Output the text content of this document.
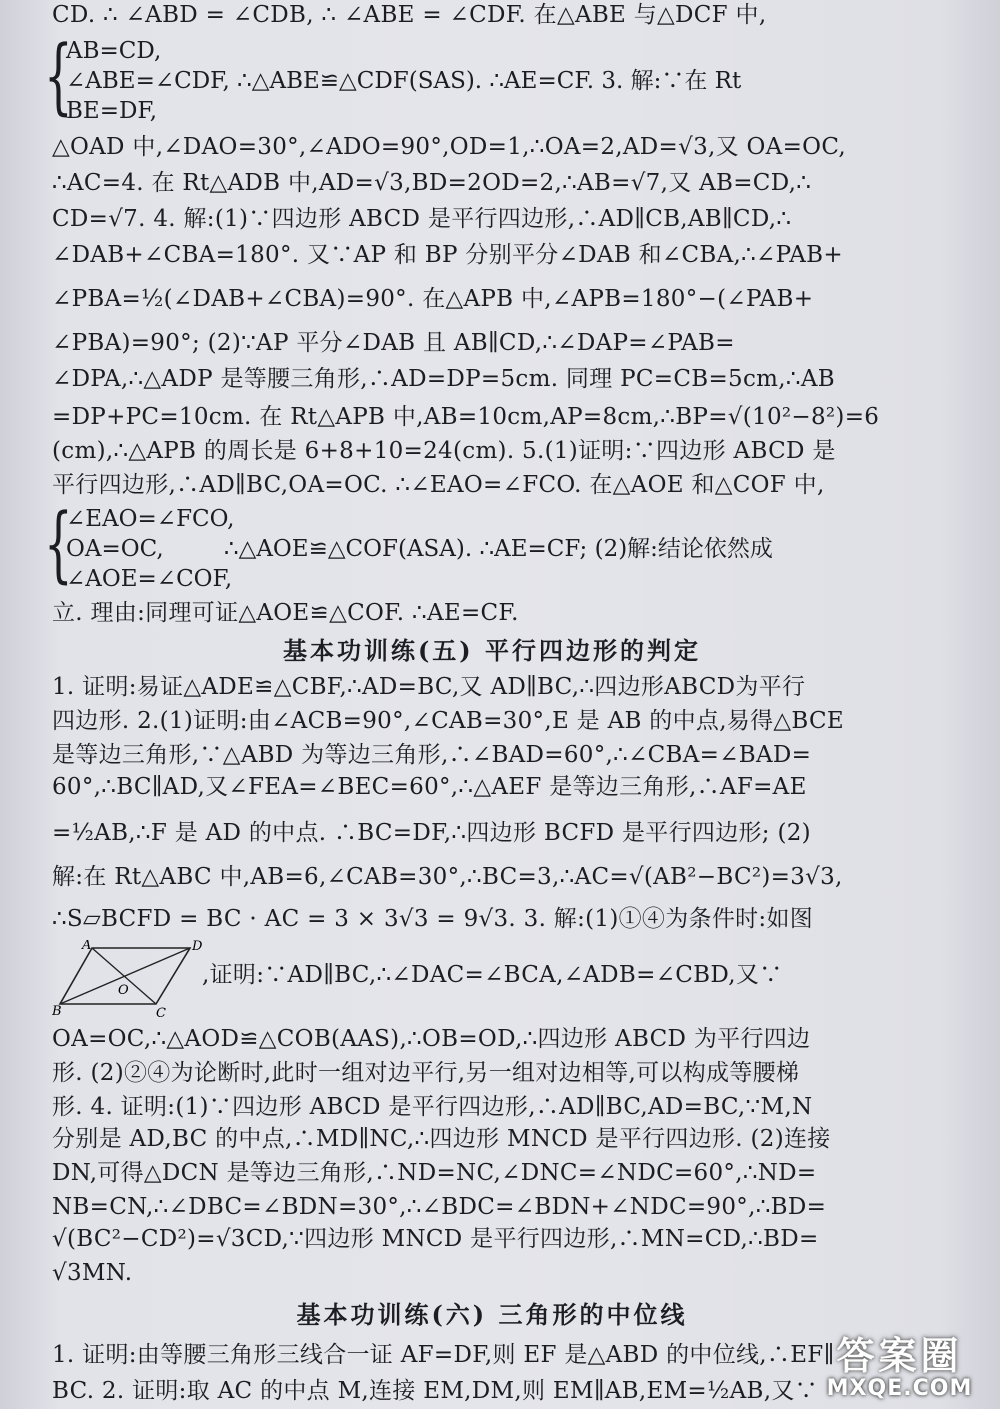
CD. ∴ ∠ABD = ∠CDB, ∴ ∠ABE = ∠CDF. 在△ABE 与△DCF 中,
{
AB=CD,
∠ABE=∠CDF, ∴△ABE≌△CDF(SAS). ∴AE=CF. 3. 解:∵在 Rt
BE=DF,
△OAD 中,∠DAO=30°,∠ADO=90°,OD=1,∴OA=2,AD=√3,又 OA=OC,
∴AC=4. 在 Rt△ADB 中,AD=√3,BD=2OD=2,∴AB=√7,又 AB=CD,∴
CD=√7. 4. 解:(1)∵四边形 ABCD 是平行四边形,∴AD∥CB,AB∥CD,∴
∠DAB+∠CBA=180°. 又∵AP 和 BP 分别平分∠DAB 和∠CBA,∴∠PAB+
∠PBA=½(∠DAB+∠CBA)=90°. 在△APB 中,∠APB=180°−(∠PAB+
∠PBA)=90°; (2)∵AP 平分∠DAB 且 AB∥CD,∴∠DAP=∠PAB=
∠DPA,∴△ADP 是等腰三角形,∴AD=DP=5cm. 同理 PC=CB=5cm,∴AB
=DP+PC=10cm. 在 Rt△APB 中,AB=10cm,AP=8cm,∴BP=√(10²−8²)=6
(cm),∴△APB 的周长是 6+8+10=24(cm). 5.(1)证明:∵四边形 ABCD 是
平行四边形,∴AD∥BC,OA=OC. ∴∠EAO=∠FCO. 在△AOE 和△COF 中,
{
∠EAO=∠FCO,
OA=OC,
∠AOE=∠COF,
∴△AOE≌△COF(ASA). ∴AE=CF; (2)解:结论依然成
立. 理由:同理可证△AOE≌△COF. ∴AE=CF.
基本功训练(五) 平行四边形的判定
1. 证明:易证△ADE≌△CBF,∴AD=BC,又 AD∥BC,∴四边形ABCD为平行
四边形. 2.(1)证明:由∠ACB=90°,∠CAB=30°,E 是 AB 的中点,易得△BCE
是等边三角形,∵△ABD 为等边三角形,∴∠BAD=60°,∴∠CBA=∠BAD=
60°,∴BC∥AD,又∠FEA=∠BEC=60°,∴△AEF 是等边三角形,∴AF=AE
=½AB,∴F 是 AD 的中点. ∴BC=DF,∴四边形 BCFD 是平行四边形; (2)
解:在 Rt△ABC 中,AB=6,∠CAB=30°,∴BC=3,∴AC=√(AB²−BC²)=3√3,
∴S▱BCFD = BC · AC = 3 × 3√3 = 9√3. 3. 解:(1)①④为条件时:如图
A	D
B	C
O
,证明:∵AD∥BC,∴∠DAC=∠BCA,∠ADB=∠CBD,又∵
OA=OC,∴△AOD≌△COB(AAS),∴OB=OD,∴四边形 ABCD 为平行四边
形. (2)②④为论断时,此时一组对边平行,另一组对边相等,可以构成等腰梯
形. 4. 证明:(1)∵四边形 ABCD 是平行四边形,∴AD∥BC,AD=BC,∵M,N
分别是 AD,BC 的中点,∴MD∥NC,∴四边形 MNCD 是平行四边形. (2)连接
DN,可得△DCN 是等边三角形,∴ND=NC,∠DNC=∠NDC=60°,∴ND=
NB=CN,∴∠DBC=∠BDN=30°,∴∠BDC=∠BDN+∠NDC=90°,∴BD=
√(BC²−CD²)=√3CD,∵四边形 MNCD 是平行四边形,∴MN=CD,∴BD=
√3MN.
基本功训练(六) 三角形的中位线
1. 证明:由等腰三角形三线合一证 AF=DF,则 EF 是△ABD 的中位线,∴EF∥
BC. 2. 证明:取 AC 的中点 M,连接 EM,DM,则 EM∥AB,EM=½AB,又∵
答案圈
MXQE.COM
